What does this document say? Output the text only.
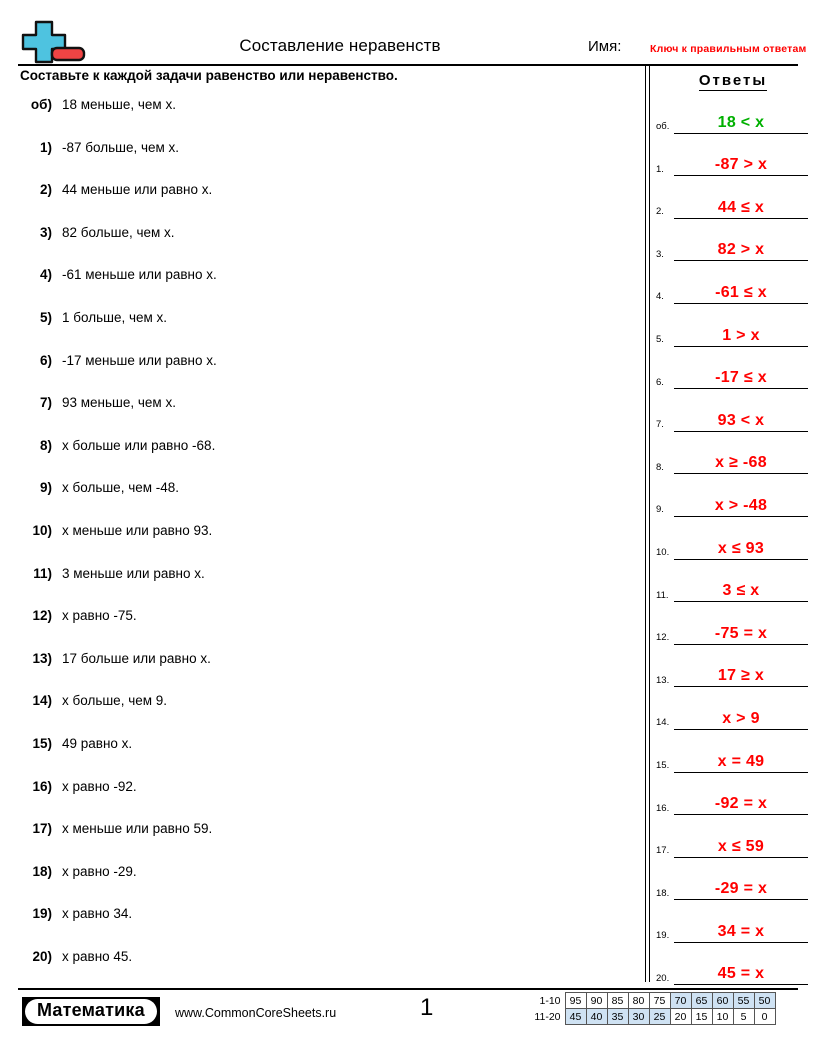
Составление неравенств	Имя:	Ключ к правильным ответам
Составьте к каждой задачи равенство или неравенство.
об) 18 меньше, чем х.
1) -87 больше, чем х.
2) 44 меньше или равно х.
3) 82 больше, чем х.
4) -61 меньше или равно х.
5) 1 больше, чем х.
6) -17 меньше или равно х.
7) 93 меньше, чем х.
8) х больше или равно -68.
9) х больше, чем -48.
10) х меньше или равно 93.
11) 3 меньше или равно х.
12) х равно -75.
13) 17 больше или равно х.
14) х больше, чем 9.
15) 49 равно х.
16) х равно -92.
17) х меньше или равно 59.
18) х равно -29.
19) х равно 34.
20) х равно 45.
Ответы
об.	18 < x
1.	-87 > x
2.	44 ≤ x
3.	82 > x
4.	-61 ≤ x
5.	1 > x
6.	-17 ≤ x
7.	93 < x
8.	x ≥ -68
9.	x > -48
10.	x ≤ 93
11.	3 ≤ x
12.	-75 = x
13.	17 ≥ x
14.	x > 9
15.	x = 49
16.	-92 = x
17.	x ≤ 59
18.	-29 = x
19.	34 = x
20.	45 = x
Математика	www.CommonCoreSheets.ru	1	1-10	95	90	85	80	75	70	65	60	55	50
11-20	45	40	35	30	25	20	15	10	5	0
